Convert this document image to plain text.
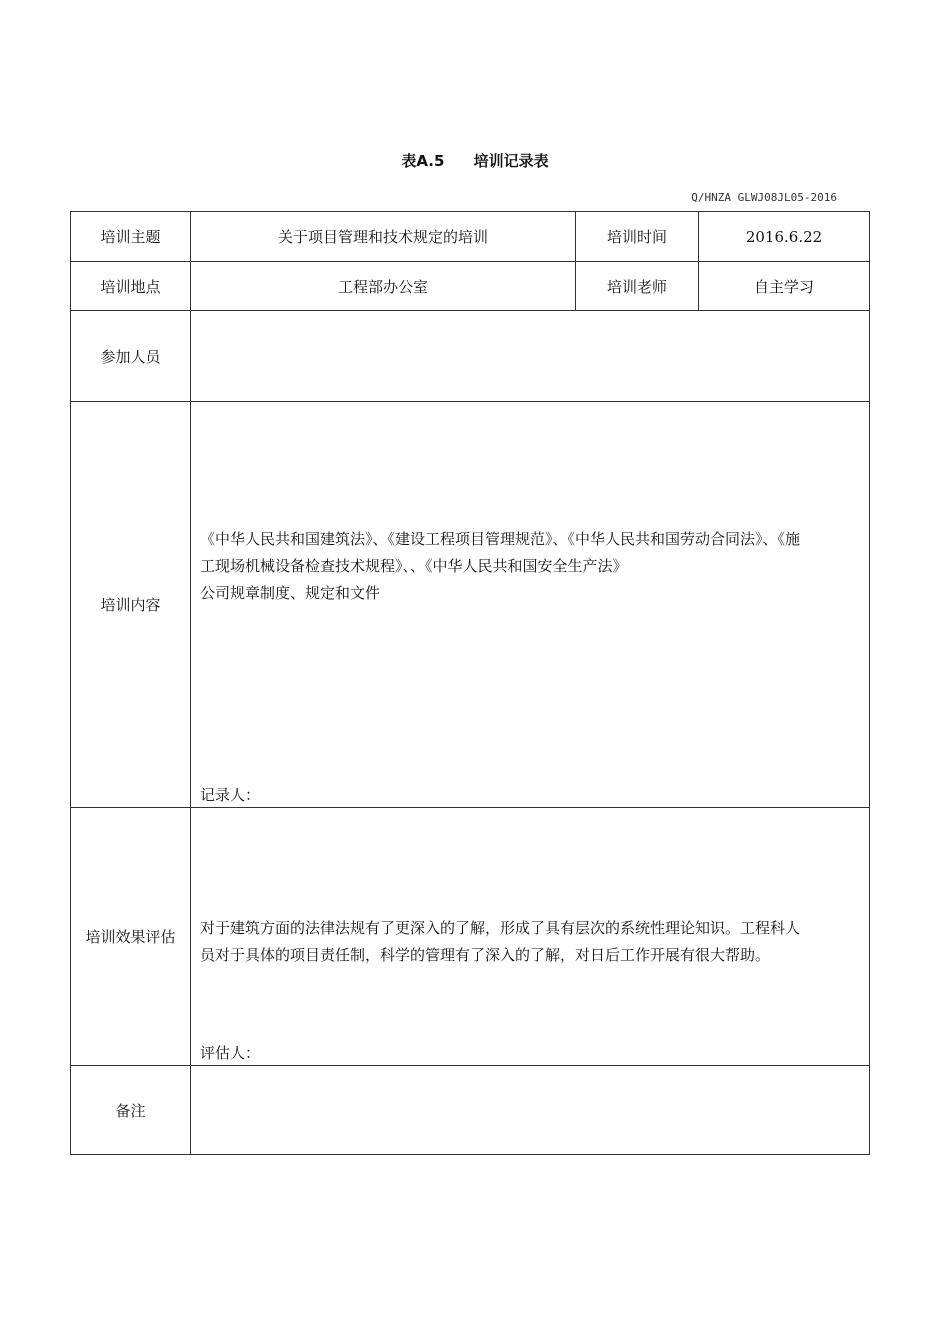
表A.5 培训记录表
Q/HNZA GLWJ08JL05-2016
培训主题	关于项目管理和技术规定的培训	培训时间	2016.6.22
培训地点	工程部办公室	培训老师	自主学习
参加人员			
培训内容	《中华人民共和国建筑法》、《建设工程项目管理规范》、《中华人民共和国劳动合同法》、《施
工现场机械设备检查技术规程》、、《中华人民共和国安全生产法》
公司规章制度、规定和文件
记录人：		

培训效果评估	对于建筑方面的法律法规有了更深入的了解，形成了具有层次的系统性理论知识。工程科人
员对于具体的项目责任制，科学的管理有了深入的了解，对日后工作开展有很大帮助。
评估人：		

备注			
